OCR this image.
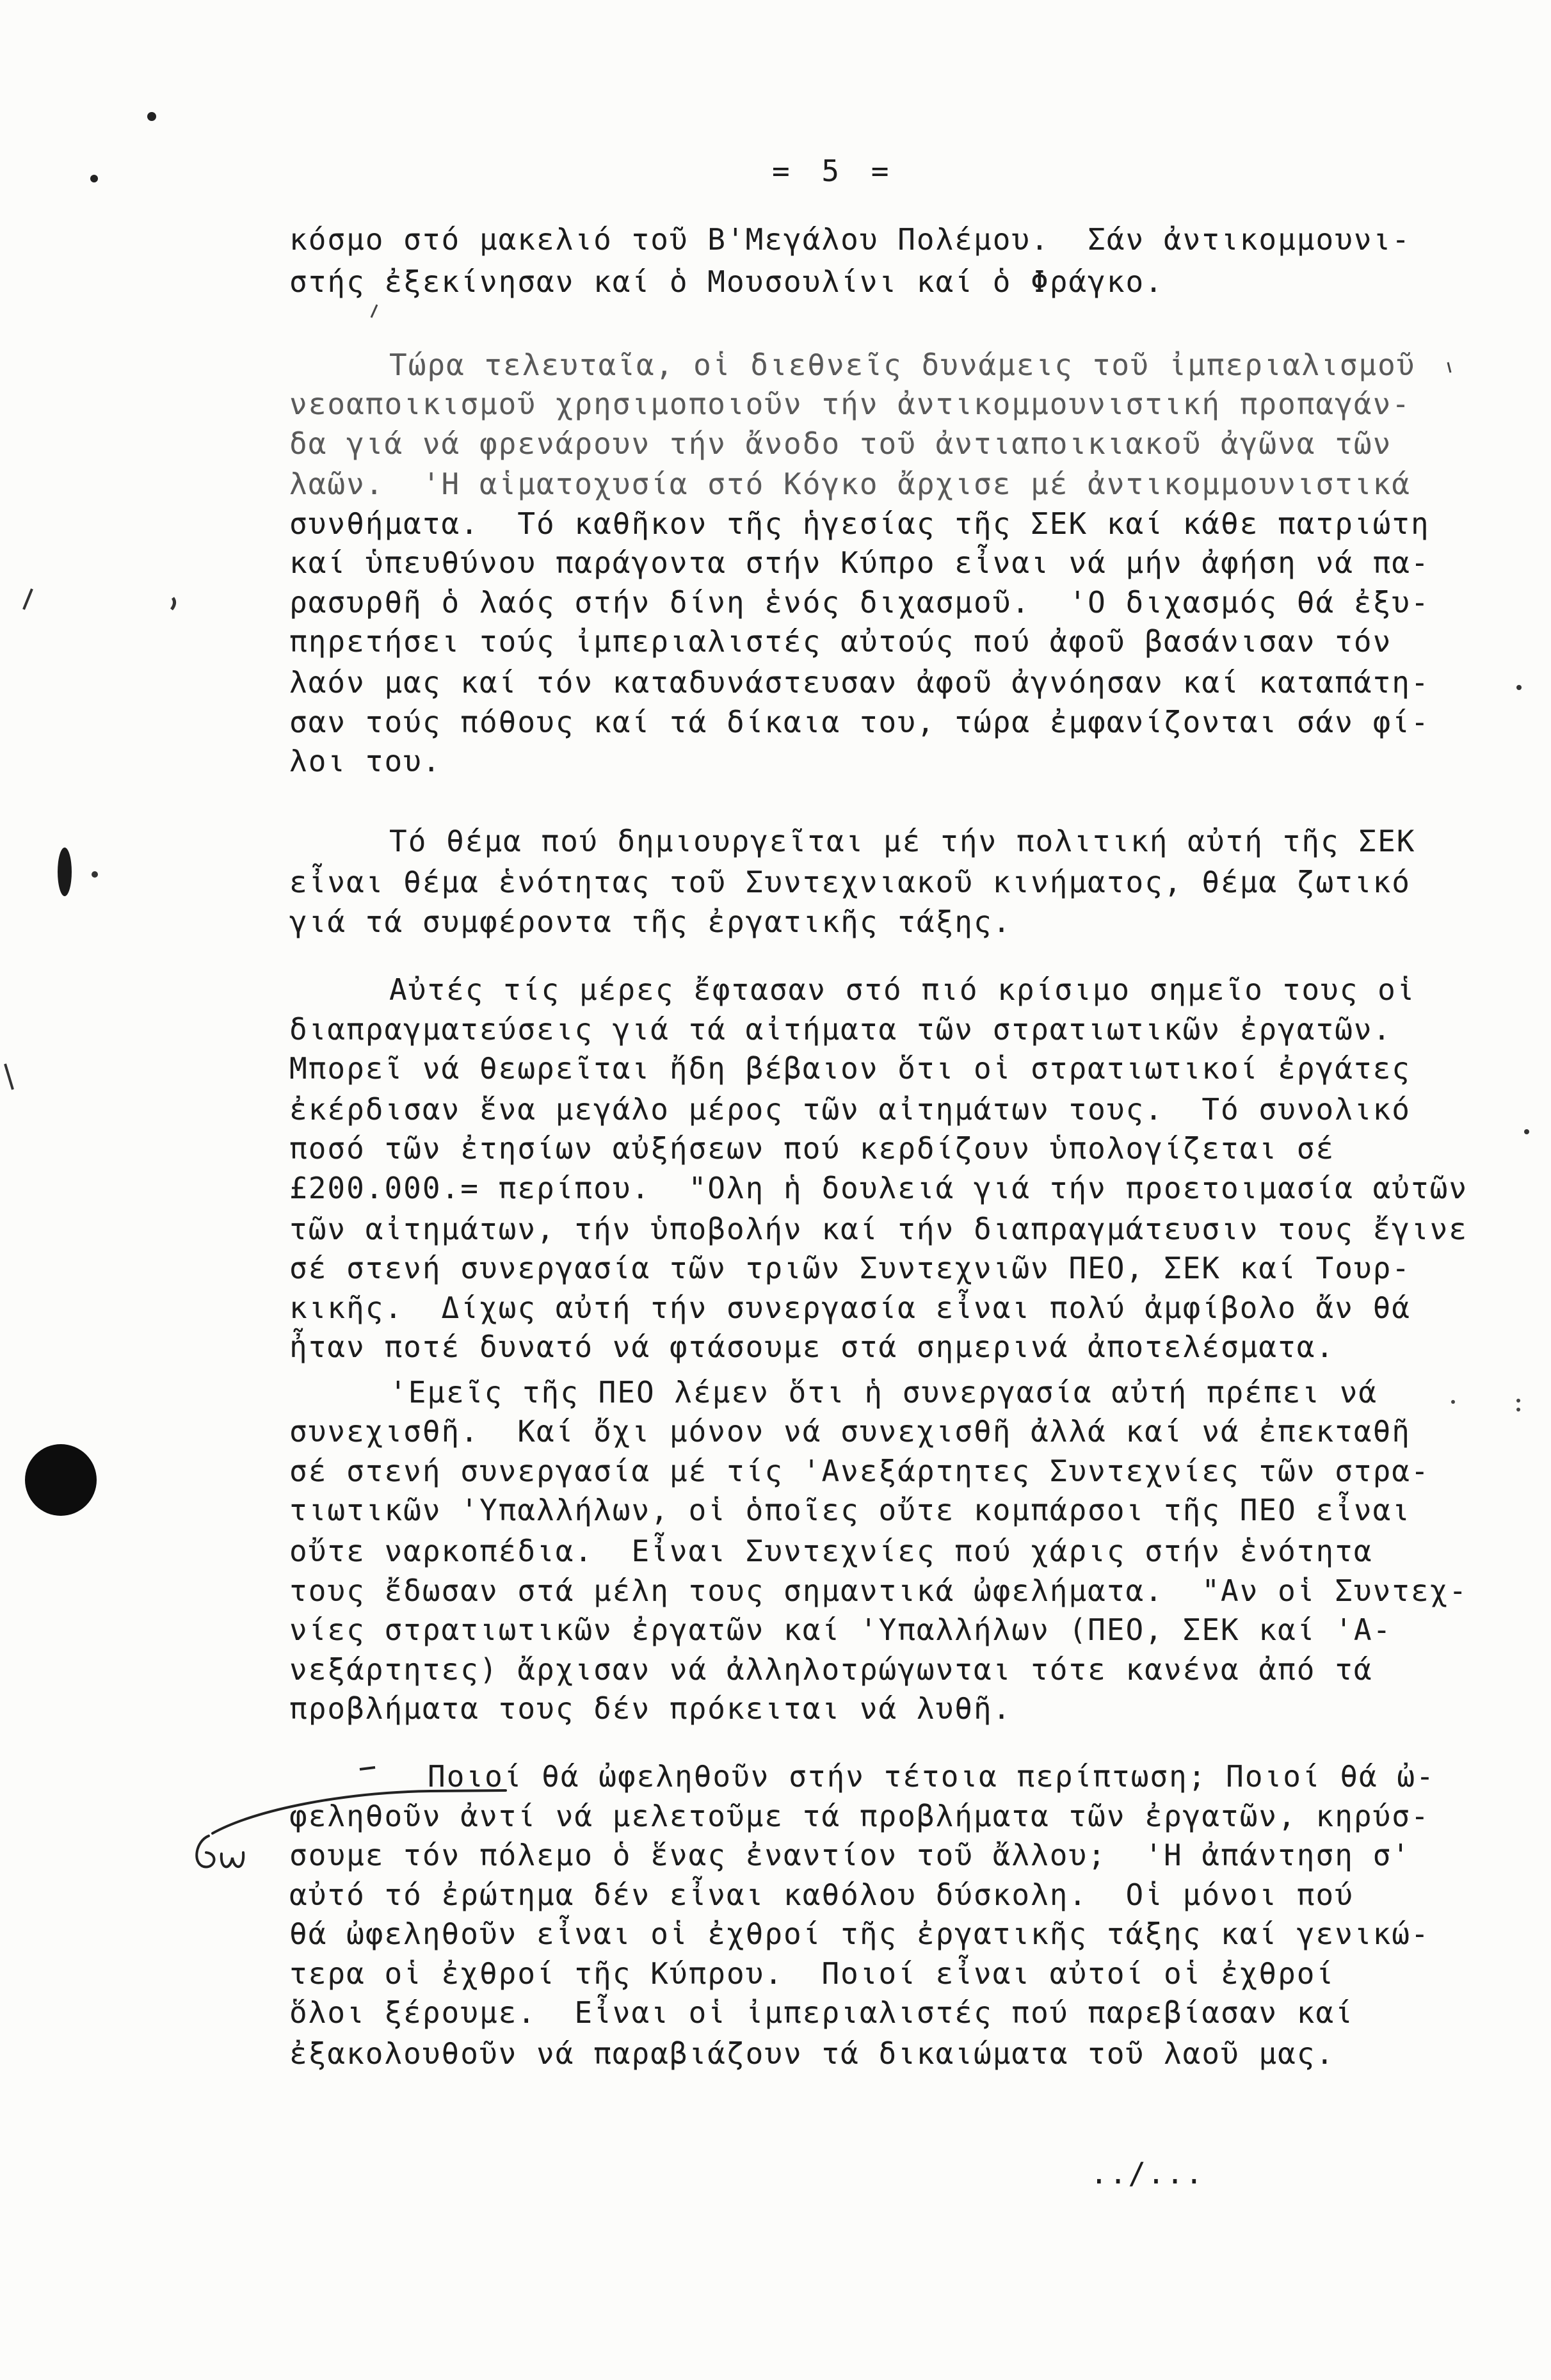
= 5 =
κόσμο στό μακελιό τοῦ Β'Μεγάλου Πολέμου.  Σάν ἀντικομμουνι-
στής ἐξεκίνησαν καί ὁ Μουσουλίνι καί ὁ Φράγκο.
Τώρα τελευταῖα, οἱ διεθνεῖς δυνάμεις τοῦ ἰμπεριαλισμοῦ
νεοαποικισμοῦ χρησιμοποιοῦν τήν ἀντικομμουνιστική προπαγάν-
δα γιά νά φρενάρουν τήν ἄνοδο τοῦ ἀντιαποικιακοῦ ἀγῶνα τῶν
λαῶν.  'Η αἱματοχυσία στό Κόγκο ἄρχισε μέ ἀντικομμουνιστικά
συνθήματα.  Τό καθῆκον τῆς ἡγεσίας τῆς ΣΕΚ καί κάθε πατριώτη
καί ὑπευθύνου παράγοντα στήν Κύπρο εἶναι νά μήν ἀφήση νά πα-
ρασυρθῆ ὁ λαός στήν δίνη ἑνός διχασμοῦ.  'Ο διχασμός θά ἐξυ-
πηρετήσει τούς ἰμπεριαλιστές αὐτούς πού ἀφοῦ βασάνισαν τόν
λαόν μας καί τόν καταδυνάστευσαν ἀφοῦ ἀγνόησαν καί καταπάτη-
σαν τούς πόθους καί τά δίκαια του, τώρα ἐμφανίζονται σάν φί-
λοι του.
Τό θέμα πού δημιουργεῖται μέ τήν πολιτική αὐτή τῆς ΣΕΚ
εἶναι θέμα ἑνότητας τοῦ Συντεχνιακοῦ κινήματος, θέμα ζωτικό
γιά τά συμφέροντα τῆς ἐργατικῆς τάξης.
Αὐτές τίς μέρες ἔφτασαν στό πιό κρίσιμο σημεῖο τους οἱ
διαπραγματεύσεις γιά τά αἰτήματα τῶν στρατιωτικῶν ἐργατῶν.
Μπορεῖ νά θεωρεῖται ἤδη βέβαιον ὅτι οἱ στρατιωτικοί ἐργάτες
ἐκέρδισαν ἕνα μεγάλο μέρος τῶν αἰτημάτων τους.  Τό συνολικό
ποσό τῶν ἐτησίων αὐξήσεων πού κερδίζουν ὑπολογίζεται σέ
£200.000.= περίπου.  "Ολη ἡ δουλειά γιά τήν προετοιμασία αὐτῶν
τῶν αἰτημάτων, τήν ὑποβολήν καί τήν διαπραγμάτευσιν τους ἔγινε
σέ στενή συνεργασία τῶν τριῶν Συντεχνιῶν ΠΕΟ, ΣΕΚ καί Τουρ-
κικῆς.  Δίχως αὐτή τήν συνεργασία εἶναι πολύ ἀμφίβολο ἄν θά
ἦταν ποτέ δυνατό νά φτάσουμε στά σημερινά ἀποτελέσματα.
'Εμεῖς τῆς ΠΕΟ λέμεν ὅτι ἡ συνεργασία αὐτή πρέπει νά
συνεχισθῆ.  Καί ὄχι μόνον νά συνεχισθῆ ἀλλά καί νά ἐπεκταθῆ
σέ στενή συνεργασία μέ τίς 'Ανεξάρτητες Συντεχνίες τῶν στρα-
τιωτικῶν 'Υπαλλήλων, οἱ ὁποῖες οὔτε κομπάρσοι τῆς ΠΕΟ εἶναι
οὔτε ναρκοπέδια.  Εἶναι Συντεχνίες πού χάρις στήν ἑνότητα
τους ἔδωσαν στά μέλη τους σημαντικά ὠφελήματα.  "Αν οἱ Συντεχ-
νίες στρατιωτικῶν ἐργατῶν καί 'Υπαλλήλων (ΠΕΟ, ΣΕΚ καί 'Α-
νεξάρτητες) ἄρχισαν νά ἀλληλοτρώγωνται τότε κανένα ἀπό τά
προβλήματα τους δέν πρόκειται νά λυθῆ.
Ποιοί θά ὠφεληθοῦν στήν τέτοια περίπτωση; Ποιοί θά ὠ-
φεληθοῦν ἀντί νά μελετοῦμε τά προβλήματα τῶν ἐργατῶν, κηρύσ-
σουμε τόν πόλεμο ὁ ἕνας ἐναντίον τοῦ ἄλλου;  'Η ἀπάντηση σ'
αὐτό τό ἐρώτημα δέν εἶναι καθόλου δύσκολη.  Οἱ μόνοι πού
θά ὠφεληθοῦν εἶναι οἱ ἐχθροί τῆς ἐργατικῆς τάξης καί γενικώ-
τερα οἱ ἐχθροί τῆς Κύπρου.  Ποιοί εἶναι αὐτοί οἱ ἐχθροί
ὅλοι ξέρουμε.  Εἶναι οἱ ἰμπεριαλιστές πού παρεβίασαν καί
ἐξακολουθοῦν νά παραβιάζουν τά δικαιώματα τοῦ λαοῦ μας.
../...
